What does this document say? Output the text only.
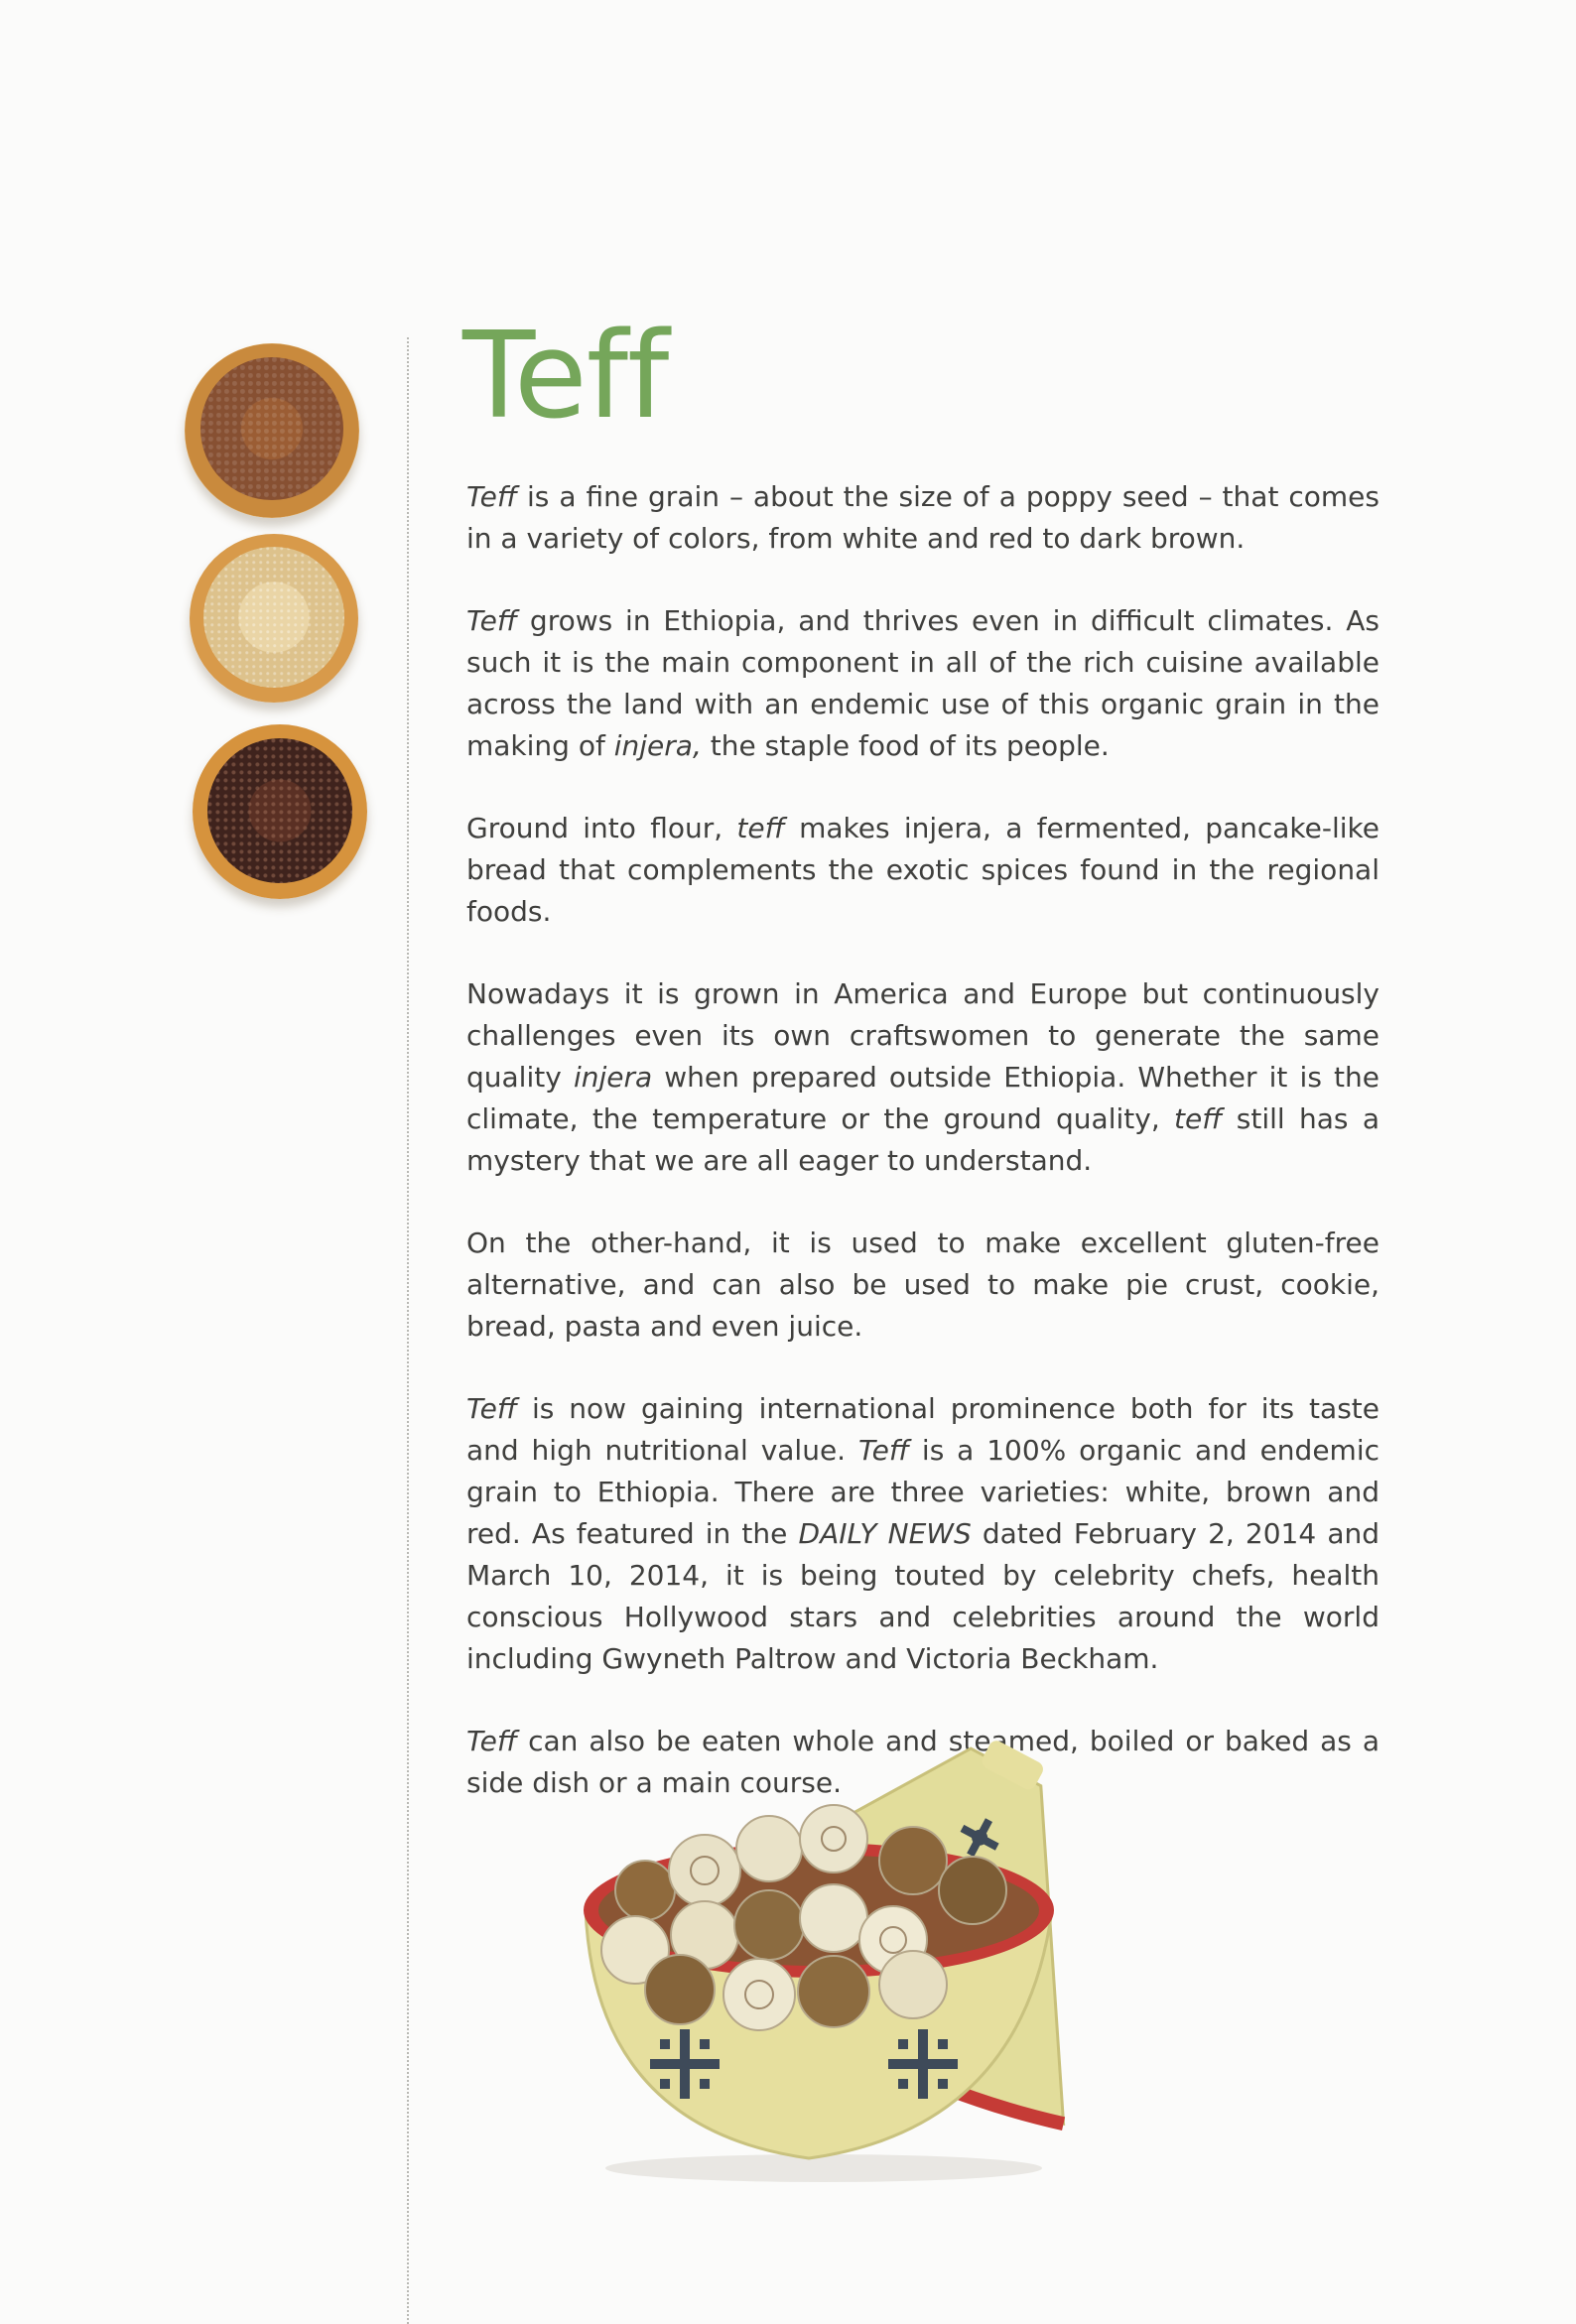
Teff

Teff is a fine grain – about the size of a poppy seed – that comes in a variety of colors, from white and red to dark brown.

Teff grows in Ethiopia, and thrives even in difficult climates. As such it is the main component in all of the rich cuisine available across the land with an endemic use of this organic grain in the making of injera, the staple food of its people.

Ground into flour, teff makes injera, a fermented, pancake-like bread that complements the exotic spices found in the regional foods.

Nowadays it is grown in America and Europe but continuously challenges even its own craftswomen to generate the same quality injera when prepared outside Ethiopia. Whether it is the climate, the temperature or the ground quality, teff still has a mystery that we are all eager to understand.

On the other-hand, it is used to make excellent gluten-free alternative, and can also be used to make pie crust, cookie, bread, pasta and even juice.

Teff is now gaining international prominence both for its taste and high nutritional value. Teff is a 100% organic and endemic grain to Ethiopia. There are three varieties: white, brown and red. As featured in the DAILY NEWS dated February 2, 2014 and March 10, 2014, it is being touted by celebrity chefs, health conscious Hollywood stars and celebrities around the world including Gwyneth Paltrow and Victoria Beckham.

Teff can also be eaten whole and steamed, boiled or baked as a side dish or a main course.
